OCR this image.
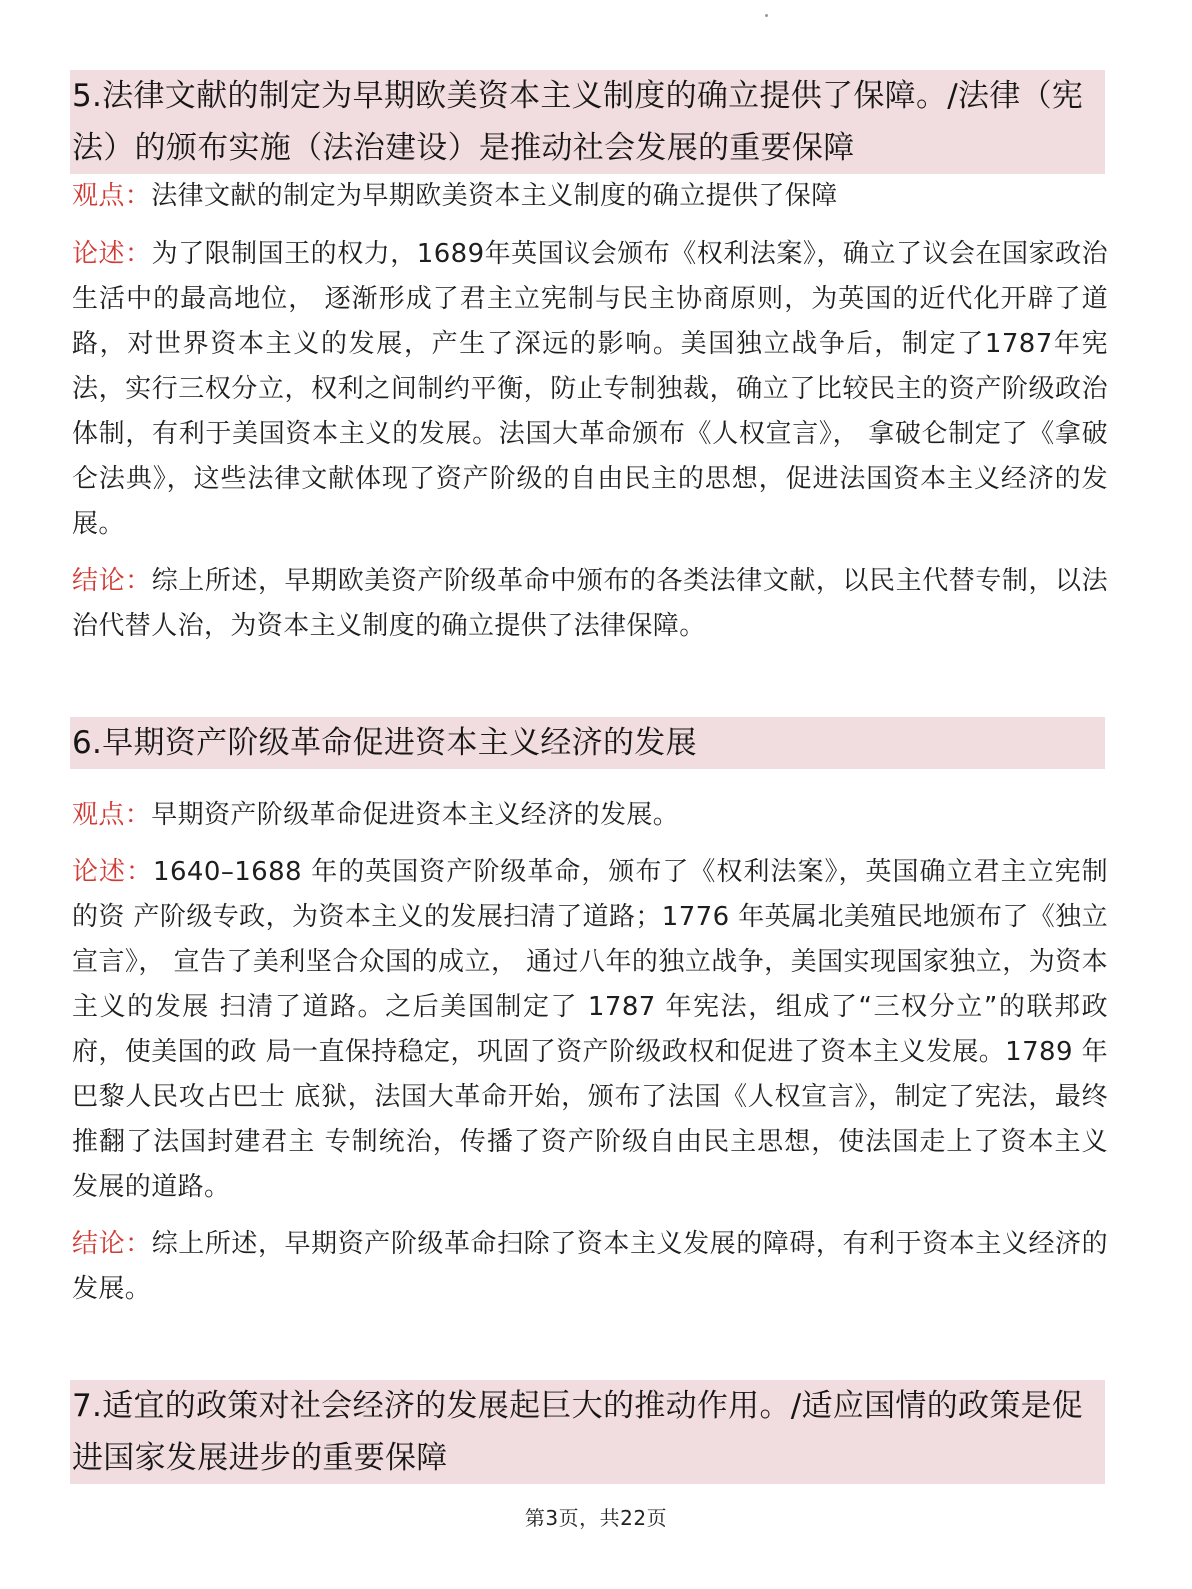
5.法律文献的制定为早期欧美资本主义制度的确立提供了保障。/法律（宪法）的颁布实施（法治建设）是推动社会发展的重要保障

观点：法律文献的制定为早期欧美资本主义制度的确立提供了保障

论述：为了限制国王的权力，1689年英国议会颁布《权利法案》，确立了议会在国家政治 生活中的最高地位， 逐渐形成了君主立宪制与民主协商原则，为英国的近代化开辟了道路，对世界资本主义的发展，产生了深远的影响。美国独立战争后，制定了1787年宪法，实行三权分立，权利之间制约平衡，防止专制独裁，确立了比较民主的资产阶级政治体制，有利于美国资本主义的发展。法国大革命颁布《人权宣言》， 拿破仑制定了《拿破仑法典》，这些法律文献体现了资产阶级的自由民主的思想，促进法国资本主义经济的发展。

结论：综上所述，早期欧美资产阶级革命中颁布的各类法律文献，以民主代替专制，以法治代替人治，为资本主义制度的确立提供了法律保障。

6.早期资产阶级革命促进资本主义经济的发展

观点：早期资产阶级革命促进资本主义经济的发展。

论述：1640–1688 年的英国资产阶级革命，颁布了《权利法案》，英国确立君主立宪制的资 产阶级专政，为资本主义的发展扫清了道路；1776 年英属北美殖民地颁布了《独立宣言》， 宣告了美利坚合众国的成立， 通过八年的独立战争，美国实现国家独立，为资本主义的发展 扫清了道路。之后美国制定了 1787 年宪法，组成了“三权分立”的联邦政府，使美国的政 局一直保持稳定，巩固了资产阶级政权和促进了资本主义发展。1789 年巴黎人民攻占巴士 底狱，法国大革命开始，颁布了法国《人权宣言》，制定了宪法，最终推翻了法国封建君主 专制统治，传播了资产阶级自由民主思想，使法国走上了资本主义发展的道路。

结论：综上所述，早期资产阶级革命扫除了资本主义发展的障碍，有利于资本主义经济的发展。

7.适宜的政策对社会经济的发展起巨大的推动作用。/适应国情的政策是促进国家发展进步的重要保障
第3页，共22页
